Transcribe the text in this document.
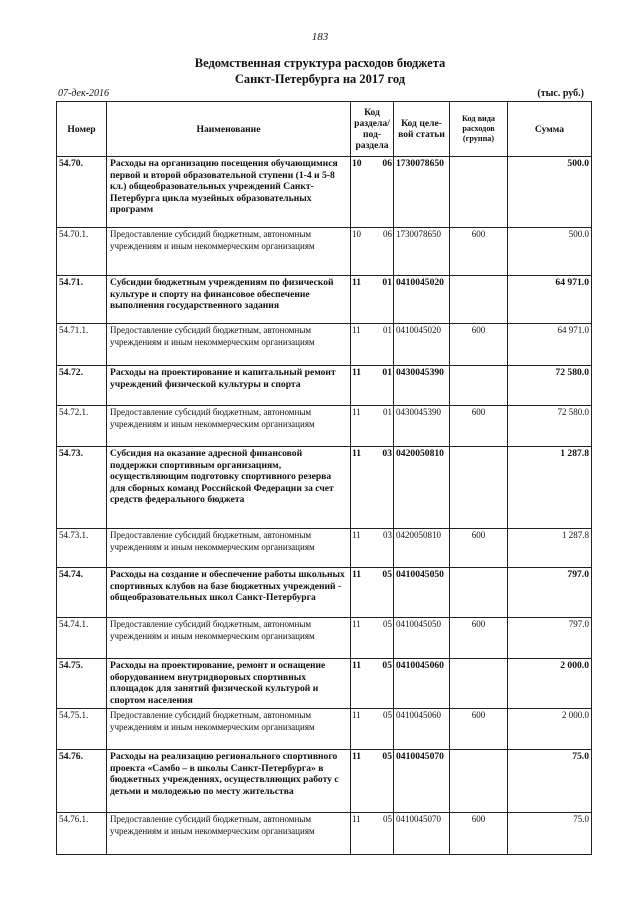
183
Ведомственная структура расходов бюджета
Санкт-Петербурга на 2017 год
07-дек-2016	(тыс. руб.)
Номер	Наименование	Код раздела/ под-раздела	Код целе-вой статьи	Код вида расходов (группа)	Сумма
54.70.	Расходы на организацию посещения обучающимися первой и второй образовательной ступени (1-4 и 5-8 кл.) общеобразовательных учреждений Санкт-Петербурга цикла музейных образовательных программ	10 06	1730078650		500.0
54.70.1.	Предоставление субсидий бюджетным, автономным учреждениям и иным некоммерческим организациям	10 06	1730078650	600	500.0
54.71.	Субсидии бюджетным учреждениям по физической культуре и спорту на финансовое обеспечение выполнения государственного задания	11 01	0410045020		64 971.0
54.71.1.	Предоставление субсидий бюджетным, автономным учреждениям и иным некоммерческим организациям	11 01	0410045020	600	64 971.0
54.72.	Расходы на проектирование и капитальный ремонт учреждений физической культуры и спорта	11 01	0430045390		72 580.0
54.72.1.	Предоставление субсидий бюджетным, автономным учреждениям и иным некоммерческим организациям	11 01	0430045390	600	72 580.0
54.73.	Субсидия на оказание адресной финансовой поддержки спортивным организациям, осуществляющим подготовку спортивного резерва для сборных команд Российской Федерации за счет средств федерального бюджета	11 03	0420050810		1 287.8
54.73.1.	Предоставление субсидий бюджетным, автономным учреждениям и иным некоммерческим организациям	11 03	0420050810	600	1 287.8
54.74.	Расходы на создание и обеспечение работы школьных спортивных клубов на базе бюджетных учреждений - общеобразовательных школ Санкт-Петербурга	11 05	0410045050		797.0
54.74.1.	Предоставление субсидий бюджетным, автономным учреждениям и иным некоммерческим организациям	11 05	0410045050	600	797.0
54.75.	Расходы на проектирование, ремонт и оснащение оборудованием внутридворовых спортивных площадок для занятий физической культурой и спортом населения	11 05	0410045060		2 000.0
54.75.1.	Предоставление субсидий бюджетным, автономным учреждениям и иным некоммерческим организациям	11 05	0410045060	600	2 000.0
54.76.	Расходы на реализацию регионального спортивного проекта «Самбо – в школы Санкт-Петербурга» в бюджетных учреждениях, осуществляющих работу с детьми и молодежью по месту жительства	11 05	0410045070		75.0
54.76.1.	Предоставление субсидий бюджетным, автономным учреждениям и иным некоммерческим организациям	11 05	0410045070	600	75.0
